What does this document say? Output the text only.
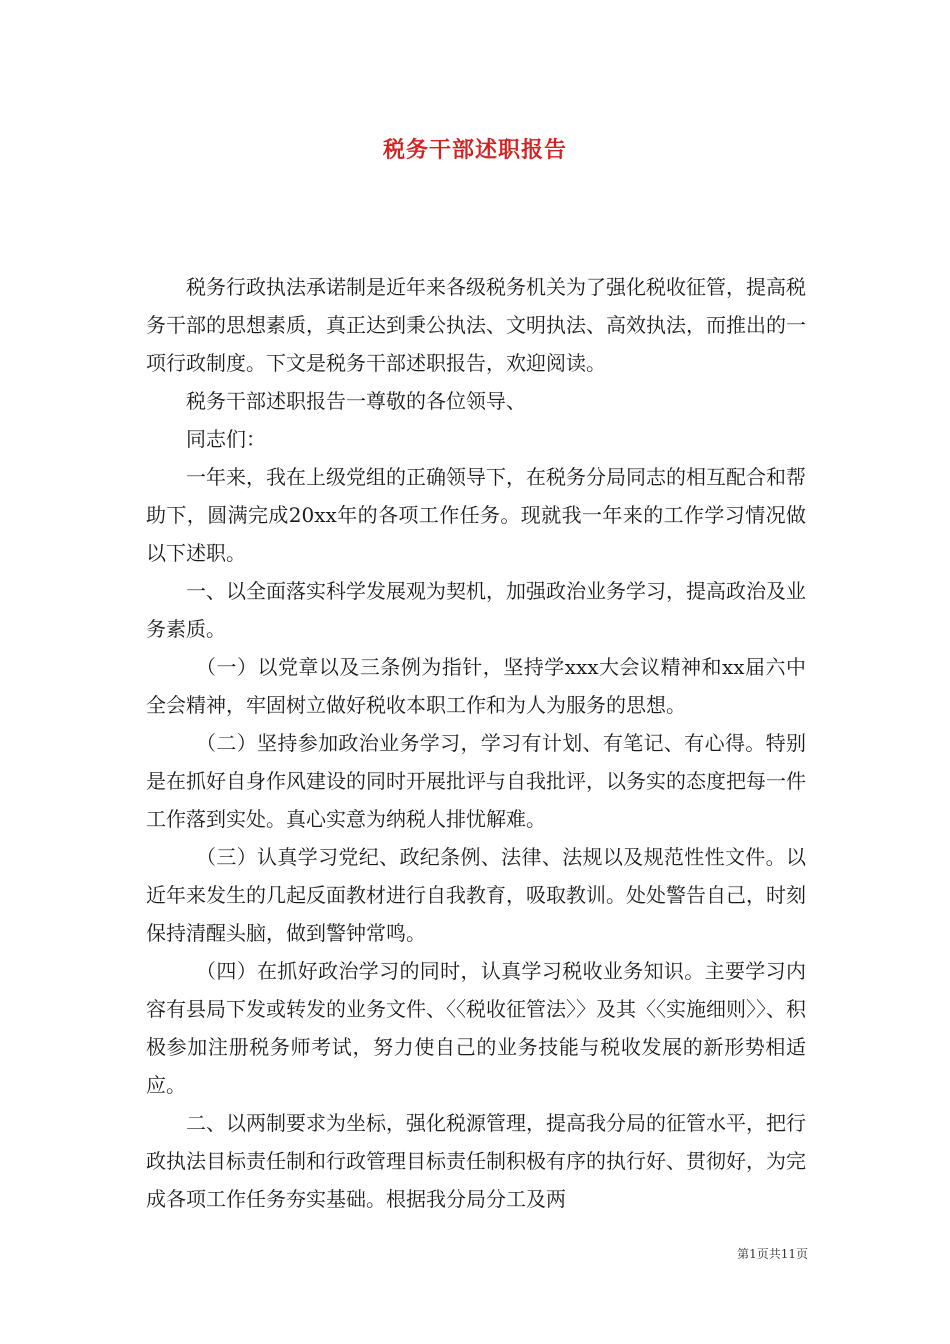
税务干部述职报告

税务行政执法承诺制是近年来各级税务机关为了强化税收征管，提高税务干部的思想素质，真正达到秉公执法、文明执法、高效执法，而推出的一项行政制度。下文是税务干部述职报告，欢迎阅读。

税务干部述职报告一尊敬的各位领导、

同志们：

一年来，我在上级党组的正确领导下，在税务分局同志的相互配合和帮助下，圆满完成20xx年的各项工作任务。现就我一年来的工作学习情况做以下述职。

一、以全面落实科学发展观为契机，加强政治业务学习，提高政治及业务素质。

（一）以党章以及三条例为指针，坚持学xxx大会议精神和xx届六中全会精神，牢固树立做好税收本职工作和为人为服务的思想。

（二）坚持参加政治业务学习，学习有计划、有笔记、有心得。特别是在抓好自身作风建设的同时开展批评与自我批评，以务实的态度把每一件工作落到实处。真心实意为纳税人排忧解难。

（三）认真学习党纪、政纪条例、法律、法规以及规范性性文件。以近年来发生的几起反面教材进行自我教育，吸取教训。处处警告自己，时刻保持清醒头脑，做到警钟常鸣。

（四）在抓好政治学习的同时，认真学习税收业务知识。主要学习内容有县局下发或转发的业务文件、〈〈税收征管法〉〉及其〈〈实施细则〉〉、积极参加注册税务师考试，努力使自己的业务技能与税收发展的新形势相适应。

二、以两制要求为坐标，强化税源管理，提高我分局的征管水平，把行政执法目标责任制和行政管理目标责任制积极有序的执行好、贯彻好，为完成各项工作任务夯实基础。根据我分局分工及两

第1页共11页
